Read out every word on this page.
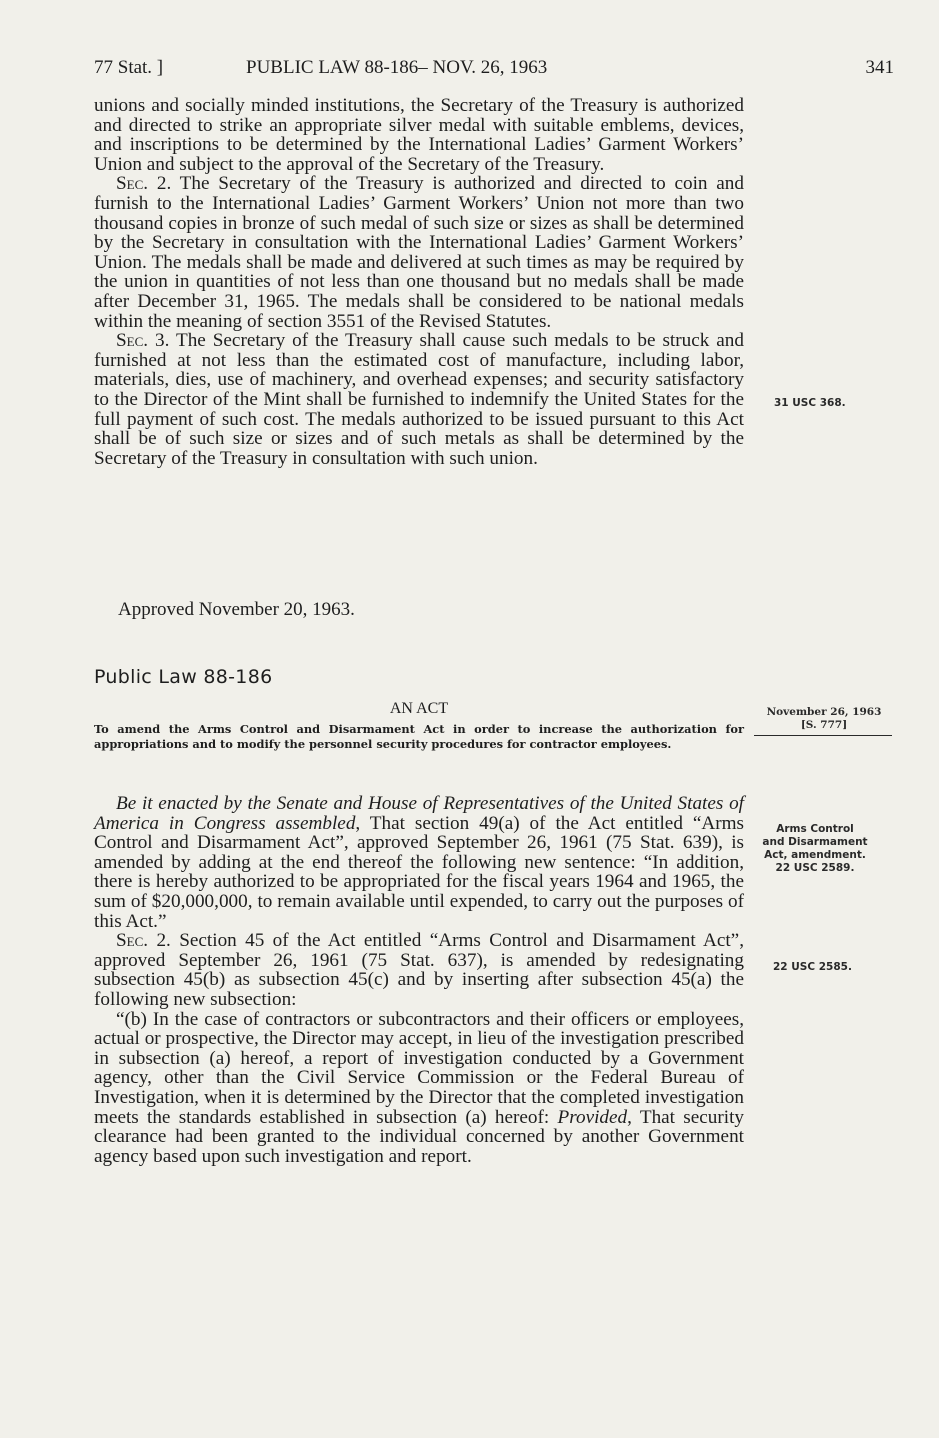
77 Stat. ]	PUBLIC LAW 88-186– NOV. 26, 1963	341

unions and socially minded institutions, the Secretary of the Treasury is authorized and directed to strike an appropriate silver medal with suitable emblems, devices, and inscriptions to be determined by the International Ladies’ Garment Workers’ Union and subject to the approval of the Secretary of the Treasury.

Sec. 2. The Secretary of the Treasury is authorized and directed to coin and furnish to the International Ladies’ Garment Workers’ Union not more than two thousand copies in bronze of such medal of such size or sizes as shall be determined by the Secretary in consultation with the International Ladies’ Garment Workers’ Union. The medals shall be made and delivered at such times as may be required by the union in quantities of not less than one thousand but no medals shall be made after December 31, 1965. The medals shall be considered to be national medals within the meaning of section 3551 of the Revised Statutes.

Sec. 3. The Secretary of the Treasury shall cause such medals to be struck and furnished at not less than the estimated cost of manufacture, including labor, materials, dies, use of machinery, and overhead expenses; and security satisfactory to the Director of the Mint shall be furnished to indemnify the United States for the full payment of such cost. The medals authorized to be issued pursuant to this Act shall be of such size or sizes and of such metals as shall be determined by the Secretary of the Treasury in consultation with such union.

Approved November 20, 1963.
Public Law 88-186
AN ACT

To amend the Arms Control and Disarmament Act in order to increase the authorization for appropriations and to modify the personnel security procedures for contractor employees.

Be it enacted by the Senate and House of Representatives of the United States of America in Congress assembled, That section 49(a) of the Act entitled “Arms Control and Disarmament Act”, approved September 26, 1961 (75 Stat. 639), is amended by adding at the end thereof the following new sentence: “In addition, there is hereby authorized to be appropriated for the fiscal years 1964 and 1965, the sum of $20,000,000, to remain available until expended, to carry out the purposes of this Act.”

Sec. 2. Section 45 of the Act entitled “Arms Control and Disarmament Act”, approved September 26, 1961 (75 Stat. 637), is amended by redesignating subsection 45(b) as subsection 45(c) and by inserting after subsection 45(a) the following new subsection:

“(b) In the case of contractors or subcontractors and their officers or employees, actual or prospective, the Director may accept, in lieu of the investigation prescribed in subsection (a) hereof, a report of investigation conducted by a Government agency, other than the Civil Service Commission or the Federal Bureau of Investigation, when it is determined by the Director that the completed investigation meets the standards established in subsection (a) hereof: Provided, That security clearance had been granted to the individual concerned by another Government agency based upon such investigation and report.

31 USC 368.
November 26, 1963
[S. 777]
Arms Control
and Disarmament
Act, amendment.
22 USC 2589.
22 USC 2585.
